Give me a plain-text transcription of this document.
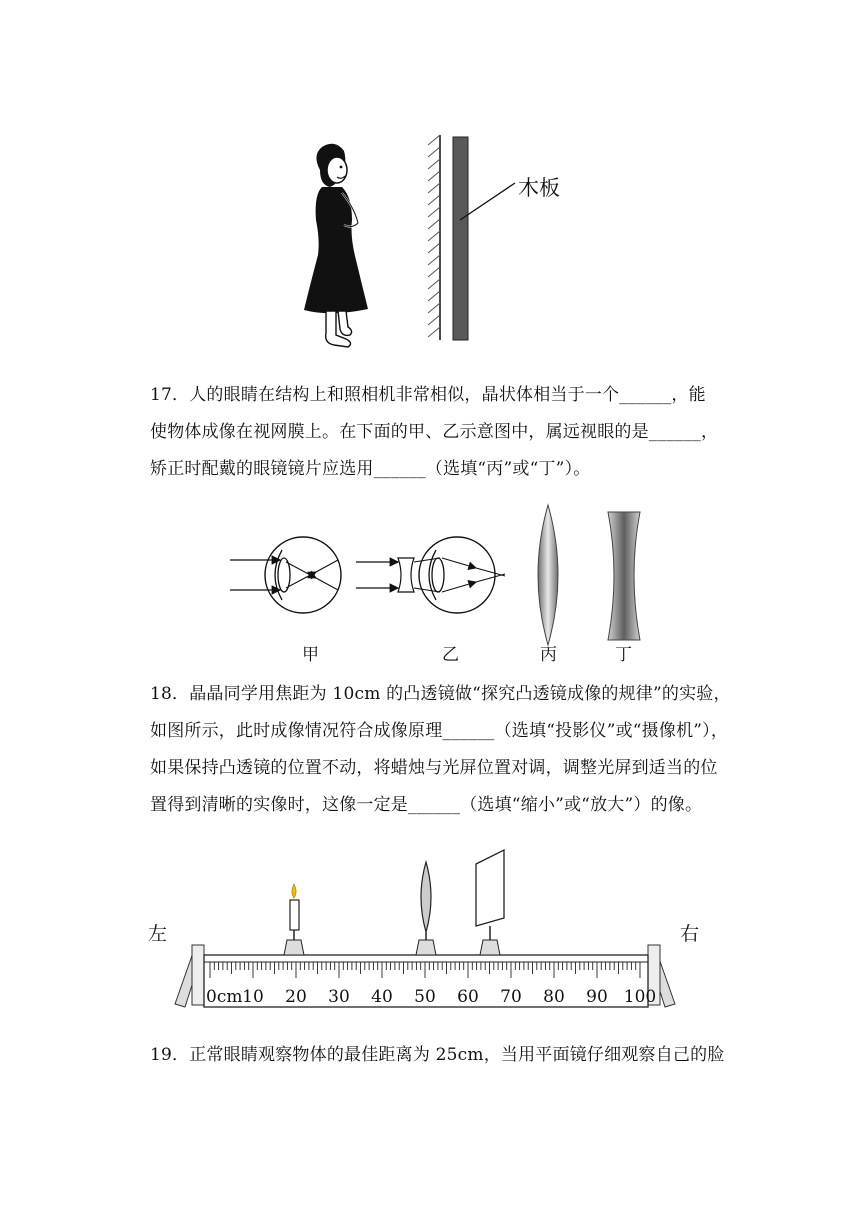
木板

17．人的眼睛在结构上和照相机非常相似，晶状体相当于一个______，能

使物体成像在视网膜上。在下面的甲、乙示意图中，属远视眼的是______，

矫正时配戴的眼镜镜片应选用______（选填“丙”或“丁”）。

甲	乙	丙	丁

18．晶晶同学用焦距为 10cm 的凸透镜做“探究凸透镜成像的规律”的实验，

如图所示，此时成像情况符合成像原理______（选填“投影仪”或“摄像机”），

如果保持凸透镜的位置不动，将蜡烛与光屏位置对调，调整光屏到适当的位

置得到清晰的实像时，这像一定是______（选填“缩小”或“放大”）的像。

左	右
0cm 10 20 30 40 50 60 70 80 90 100

19．正常眼睛观察物体的最佳距离为 25cm，当用平面镜仔细观察自己的脸
